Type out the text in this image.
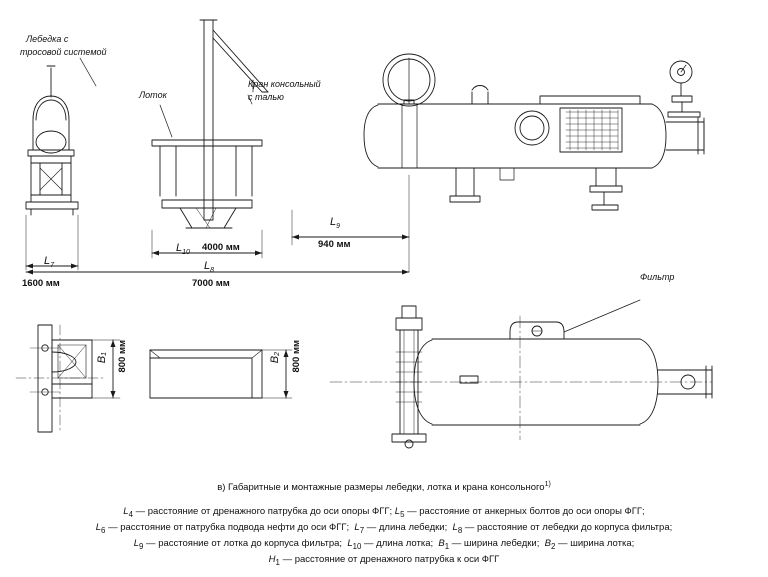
Лебедка с
тросовой системой
Лоток
Кран консольный
с талью
$L_9$
940 мм
$L_{10}$ 4000 мм
$L_7$
1600 мм
$L_8$
7000 мм
$B_1$ 800 мм	$B_2$ 800 мм
Фильтр
в) Габаритные и монтажные размеры лебедки, лотка и крана консольного$^{1)}$
$L_4$ — расстояние от дренажного патрубка до оси опоры ФГГ; $L_5$ — расстояние от анкерных болтов до оси опоры ФГГ;
$L_6$ — расстояние от патрубка подвода нефти до оси ФГГ;  $L_7$ — длина лебедки;  $L_8$ — расстояние от лебедки до корпуса фильтра;
$L_9$ — расстояние от лотка до корпуса фильтра;  $L_{10}$ — длина лотка;  $B_1$ — ширина лебедки;  $B_2$ — ширина лотка;
$H_1$ — расстояние от дренажного патрубка к оси ФГГ
